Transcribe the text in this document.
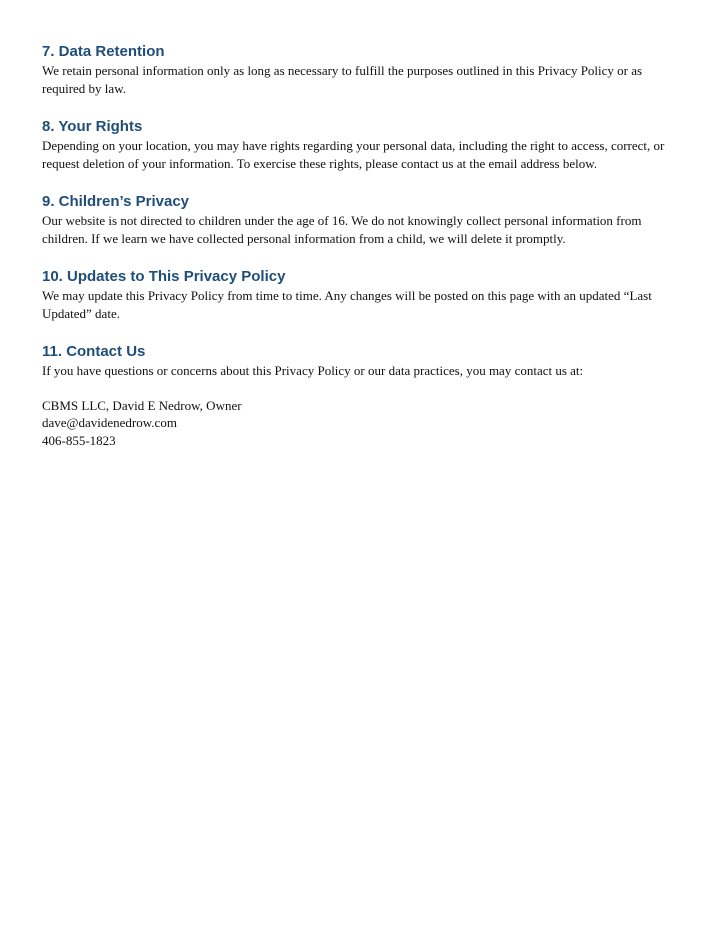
7. Data Retention

We retain personal information only as long as necessary to fulfill the purposes outlined in this Privacy Policy or as required by law.

8. Your Rights

Depending on your location, you may have rights regarding your personal data, including the right to access, correct, or request deletion of your information. To exercise these rights, please contact us at the email address below.

9. Children’s Privacy

Our website is not directed to children under the age of 16. We do not knowingly collect personal information from children. If we learn we have collected personal information from a child, we will delete it promptly.

10. Updates to This Privacy Policy

We may update this Privacy Policy from time to time. Any changes will be posted on this page with an updated “Last Updated” date.

11. Contact Us

If you have questions or concerns about this Privacy Policy or our data practices, you may contact us at:

CBMS LLC, David E Nedrow, Owner

dave@davidenedrow.com

406-855-1823
